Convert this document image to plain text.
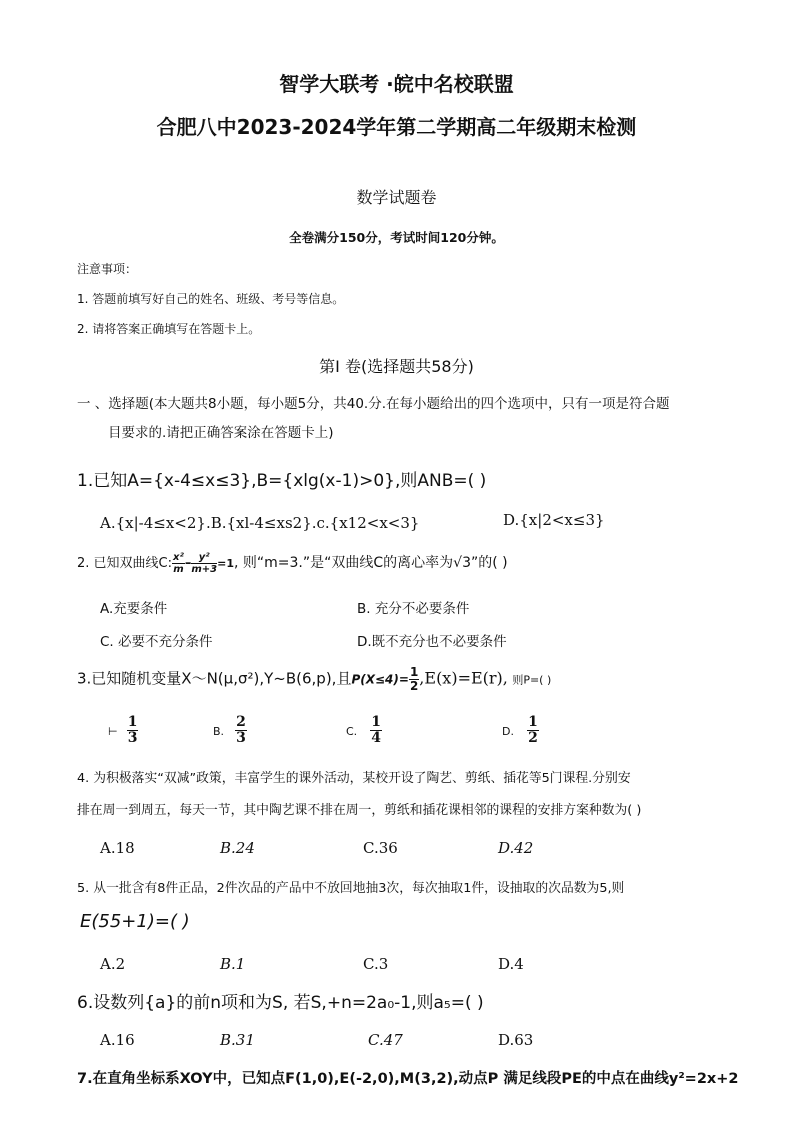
智学大联考 ·皖中名校联盟
合肥八中2023-2024学年第二学期高二年级期末检测
数学试题卷
全卷满分150分，考试时间120分钟。
注意事项：
1. 答题前填写好自己的姓名、班级、考号等信息。
2. 请将答案正确填写在答题卡上。
第I 卷(选择题共58分)
一 、选择题(本大题共8小题，每小题5分，共40.分.在每小题给出的四个选项中，只有一项是符合题
目要求的.请把正确答案涂在答题卡上)
1.已知A={x-4≤x≤3},B={xlg(x-1)>0},则ANB=( )
A.{x|-4≤x<2}.B.{xl-4≤xs2}.c.{x12<x<3}	D.{x|2<x≤3}
2. 已知双曲线C: $\frac{\text{x²}}{m} - \frac{\text{y²}}{m+3} =1$, 则“m=3.”是“双曲线C的离心率为√3”的( )
A.充要条件	B. 充分不必要条件
C. 必要不充分条件	D.既不充分也不必要条件
3.已知随机变量X～N(μ,σ²),Y~B(6,p),且$P(X\le 4)= \frac{1}{2} ,E(x)=E(r)$, 则P=( )
⊢ $\frac{1}{3}$	B. $\frac{2}{3}$	C. $\frac{1}{4}$	D. $\frac{1}{2}$
4. 为积极落实“双减”政策，丰富学生的课外活动，某校开设了陶艺、剪纸、插花等5门课程.分别安
排在周一到周五，每天一节，其中陶艺课不排在周一，剪纸和插花课相邻的课程的安排方案种数为( )
A.18	B.24	C.36	D.42
5. 从一批含有8件正品，2件次品的产品中不放回地抽3次，每次抽取1件，设抽取的次品数为5,则
E(55+1)=( )
A.2	B.1	C.3	D.4
6.设数列{a}的前n项和为S, 若S,+n=2a₀-1,则a₅=( )
A.16	B.31	C.47	D.63
7.在直角坐标系XOY中，已知点F(1,0),E(-2,0),M(3,2),动点P 满足线段PE的中点在曲线y²=2x+2
